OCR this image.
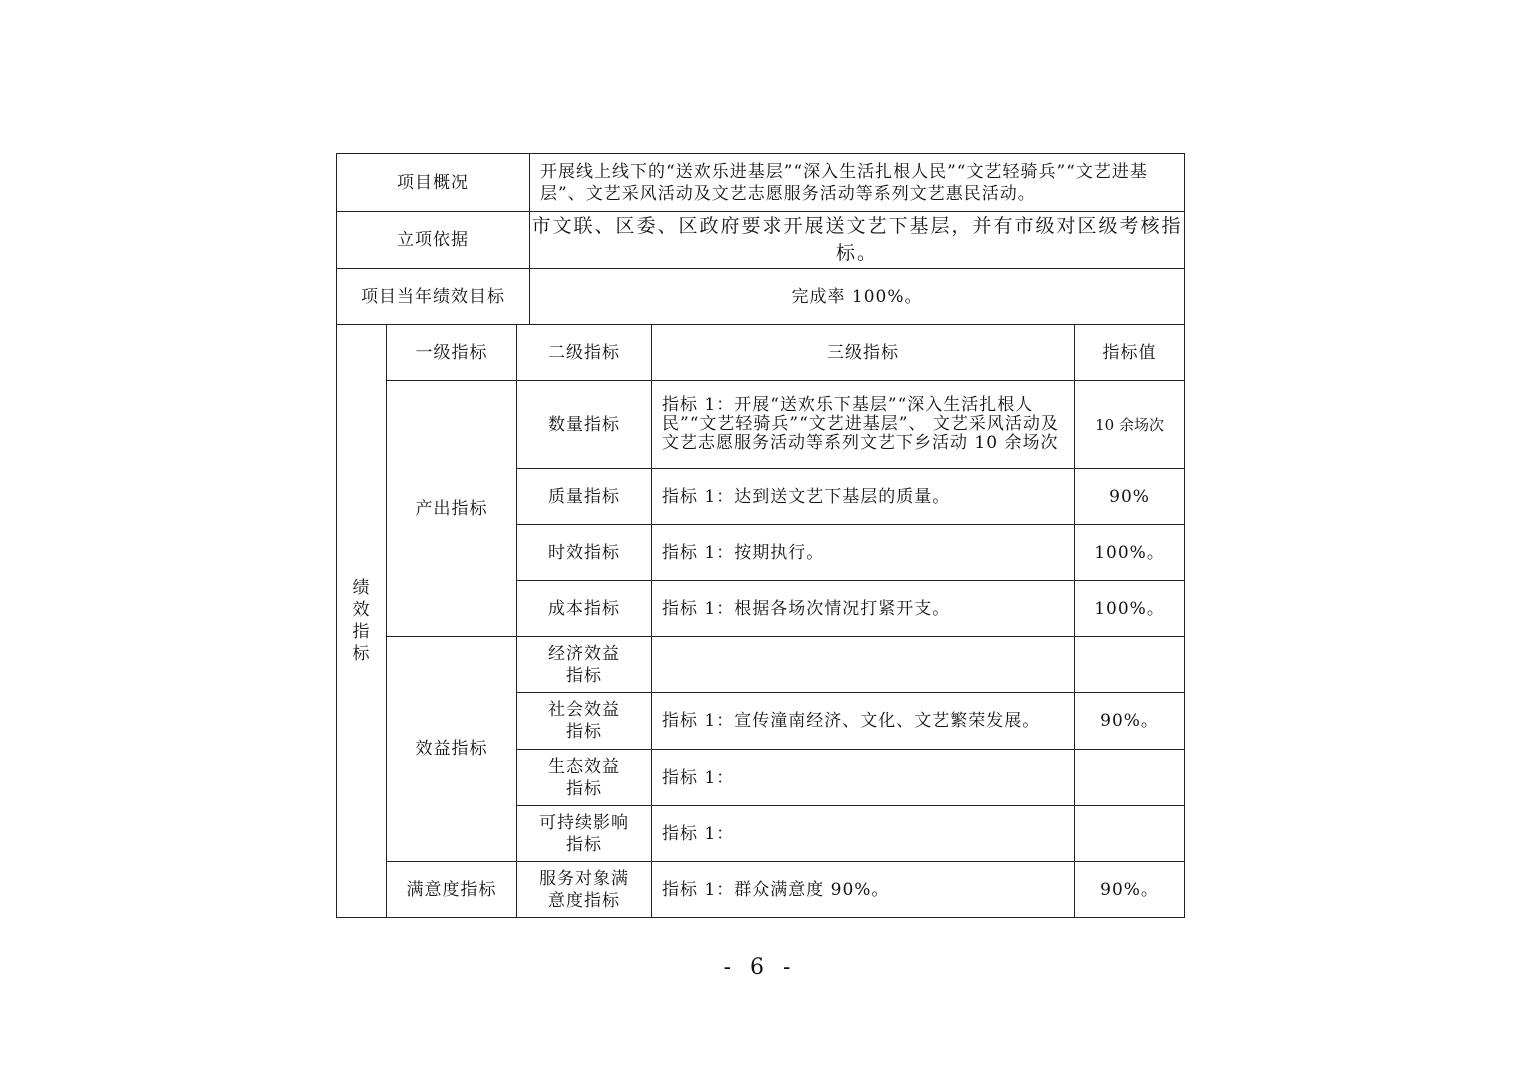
项目概况			开展线上线下的“送欢乐进基层”“深入生活扎根人民”“文艺轻骑兵”“文艺进基层”、文艺采风活动及文艺志愿服务活动等系列文艺惠民活动。		
立项依据			市文联、区委、区政府要求开展送文艺下基层，并有市级对区级考核指标。		
项目当年绩效目标			完成率 100%。		
绩效指标	一级指标	二级指标		三级指标	指标值
	产出指标	数量指标		指标 1：开展“送欢乐下基层”“深入生活扎根人民”“文艺轻骑兵”“文艺进基层”、 文艺采风活动及文艺志愿服务活动等系列文艺下乡活动 10 余场次	10 余场次
		质量指标		指标 1：达到送文艺下基层的质量。	90%
		时效指标		指标 1：按期执行。	100%。
		成本指标		指标 1：根据各场次情况打紧开支。	100%。
	效益指标	经济效益指标			
		社会效益指标		指标 1：宣传潼南经济、文化、文艺繁荣发展。	90%。
		生态效益指标		指标 1：	
		可持续影响指标		指标 1：	
	满意度指标	服务对象满意度指标		指标 1：群众满意度 90%。	90%。
- 6 -
